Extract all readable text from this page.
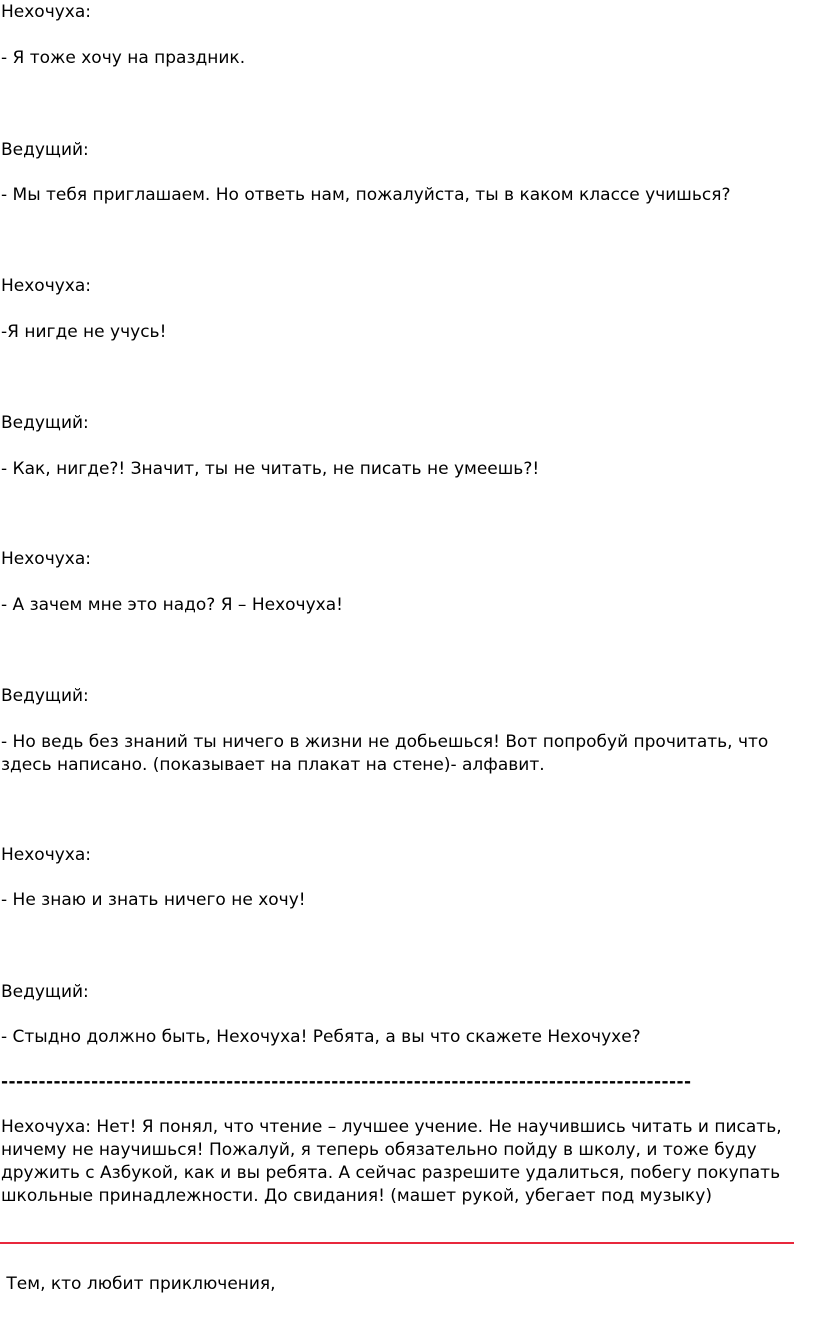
Нехочуха:
- Я тоже хочу на праздник.
Ведущий:
- Мы тебя приглашаем. Но ответь нам, пожалуйста, ты в каком классе учишься?
Нехочуха:
-Я нигде не учусь!
Ведущий:
- Как, нигде?! Значит, ты не читать, не писать не умеешь?!
Нехочуха:
- А зачем мне это надо? Я – Нехочуха!
Ведущий:
- Но ведь без знаний ты ничего в жизни не добьешься! Вот попробуй прочитать, что здесь написано. (показывает на плакат на стене)- алфавит.
Нехочуха:
- Не знаю и знать ничего не хочу!
Ведущий:
- Стыдно должно быть, Нехочуха! Ребята, а вы что скажете Нехочухе?
--------------------------------------------------------------------------------------------
Нехочуха: Нет! Я понял, что чтение – лучшее учение. Не научившись читать и писать, ничему не научишься! Пожалуй, я теперь обязательно пойду в школу, и тоже буду дружить с Азбукой, как и вы ребята. А сейчас разрешите удалиться, побегу покупать школьные принадлежности. До свидания! (машет рукой, убегает под музыку)
Тем, кто любит приключения,
